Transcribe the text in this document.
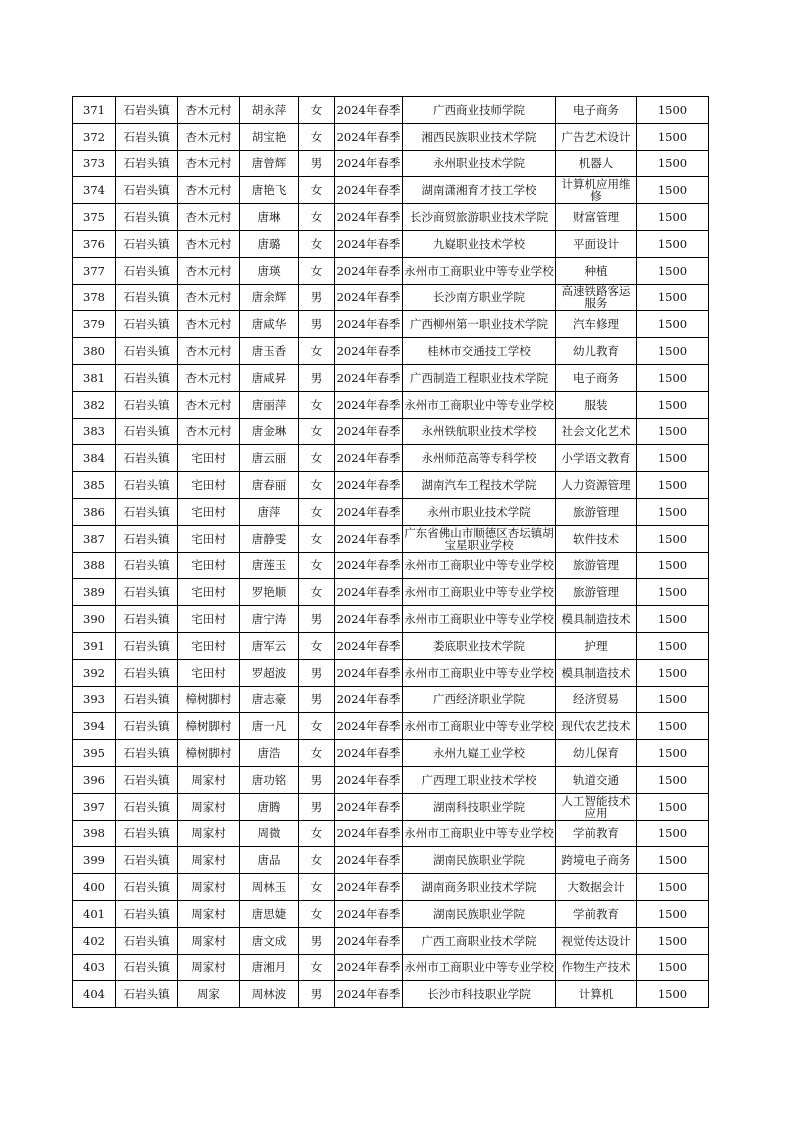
371	石岩头镇	杏木元村	胡永萍	女	2024年春季	广西商业技师学院	电子商务	1500
372	石岩头镇	杏木元村	胡宝艳	女	2024年春季	湘西民族职业技术学院	广告艺术设计	1500
373	石岩头镇	杏木元村	唐曾辉	男	2024年春季	永州职业技术学院	机器人	1500
374	石岩头镇	杏木元村	唐艳飞	女	2024年春季	湖南潇湘育才技工学校	计算机应用维修	1500
375	石岩头镇	杏木元村	唐琳	女	2024年春季	长沙商贸旅游职业技术学院	财富管理	1500
376	石岩头镇	杏木元村	唐璐	女	2024年春季	九嶷职业技术学校	平面设计	1500
377	石岩头镇	杏木元村	唐瑛	女	2024年春季	永州市工商职业中等专业学校	种植	1500
378	石岩头镇	杏木元村	唐余辉	男	2024年春季	长沙南方职业学院	高速铁路客运服务	1500
379	石岩头镇	杏木元村	唐咸华	男	2024年春季	广西柳州第一职业技术学院	汽车修理	1500
380	石岩头镇	杏木元村	唐玉香	女	2024年春季	桂林市交通技工学校	幼儿教育	1500
381	石岩头镇	杏木元村	唐咸昇	男	2024年春季	广西制造工程职业技术学院	电子商务	1500
382	石岩头镇	杏木元村	唐丽萍	女	2024年春季	永州市工商职业中等专业学校	服装	1500
383	石岩头镇	杏木元村	唐金琳	女	2024年春季	永州铁航职业技术学校	社会文化艺术	1500
384	石岩头镇	宅田村	唐云丽	女	2024年春季	永州师范高等专科学校	小学语文教育	1500
385	石岩头镇	宅田村	唐春丽	女	2024年春季	湖南汽车工程技术学院	人力资源管理	1500
386	石岩头镇	宅田村	唐萍	女	2024年春季	永州市职业技术学院	旅游管理	1500
387	石岩头镇	宅田村	唐静雯	女	2024年春季	广东省佛山市顺德区杏坛镇胡宝星职业学校	软件技术	1500
388	石岩头镇	宅田村	唐莲玉	女	2024年春季	永州市工商职业中等专业学校	旅游管理	1500
389	石岩头镇	宅田村	罗艳顺	女	2024年春季	永州市工商职业中等专业学校	旅游管理	1500
390	石岩头镇	宅田村	唐宁涛	男	2024年春季	永州市工商职业中等专业学校	模具制造技术	1500
391	石岩头镇	宅田村	唐军云	女	2024年春季	娄底职业技术学院	护理	1500
392	石岩头镇	宅田村	罗超波	男	2024年春季	永州市工商职业中等专业学校	模具制造技术	1500
393	石岩头镇	樟树脚村	唐志豪	男	2024年春季	广西经济职业学院	经济贸易	1500
394	石岩头镇	樟树脚村	唐一凡	女	2024年春季	永州市工商职业中等专业学校	现代农艺技术	1500
395	石岩头镇	樟树脚村	唐浩	女	2024年春季	永州九嶷工业学校	幼儿保育	1500
396	石岩头镇	周家村	唐功铭	男	2024年春季	广西理工职业技术学校	轨道交通	1500
397	石岩头镇	周家村	唐腾	男	2024年春季	湖南科技职业学院	人工智能技术应用	1500
398	石岩头镇	周家村	周微	女	2024年春季	永州市工商职业中等专业学校	学前教育	1500
399	石岩头镇	周家村	唐品	女	2024年春季	湖南民族职业学院	跨境电子商务	1500
400	石岩头镇	周家村	周林玉	女	2024年春季	湖南商务职业技术学院	大数据会计	1500
401	石岩头镇	周家村	唐思婕	女	2024年春季	湖南民族职业学院	学前教育	1500
402	石岩头镇	周家村	唐文成	男	2024年春季	广西工商职业技术学院	视觉传达设计	1500
403	石岩头镇	周家村	唐湘月	女	2024年春季	永州市工商职业中等专业学校	作物生产技术	1500
404	石岩头镇	周家	周林波	男	2024年春季	长沙市科技职业学院	计算机	1500
